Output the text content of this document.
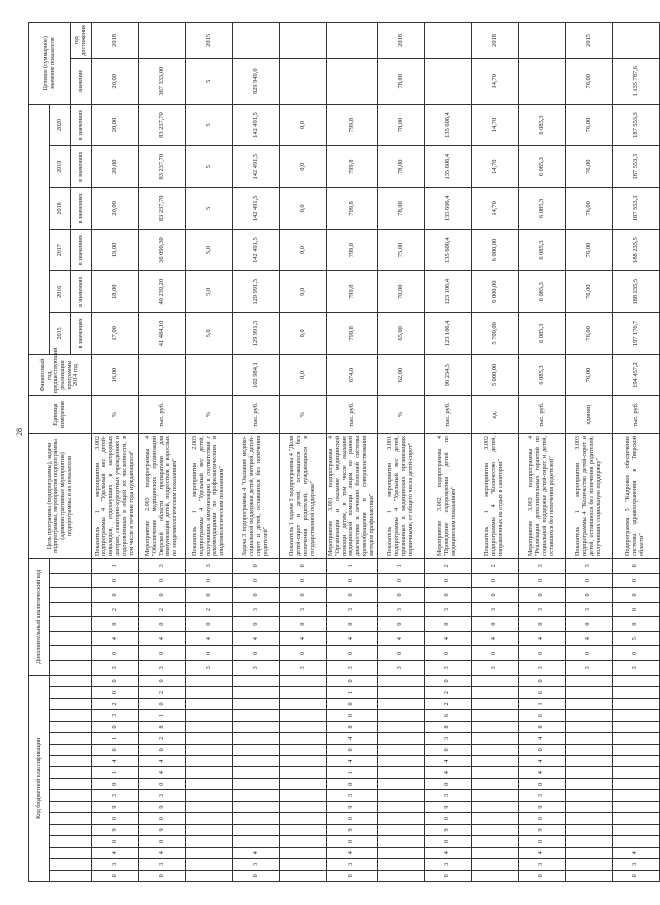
28
Код бюджетной классификации																		Дополнительный аналитический код								Цель программы (подпрограммы), задачи подпрограммы, мероприятия подпрограммы (административные мероприятия) подпрограммы и их показатели	Единица измерения	Финансовый год, предшествующий реализации программы 2014 год							Целевое (суммарное) значение показателя	
																													2015	2016	2017	2018	2019	2020		
																													в значениях	в значениях	в значениях	в значениях	в значениях	в значениях	значение	год достижения
0	3	4	0	9	0	9	3	0	1	4	0	1	0	3	2	0	0	3	0	4	0	2	0	0	1	Показатель 1 мероприятия 3.002 подпрограммы 4 "Удельный вес детей-инвалидов, отдохнувших в загородных лагерях, санаторно-курортных учреждениях и оздоровленных в общей их численности, в том числе в течение года нуждающихся"	%	16,00	17,00	18,00	19,00	20,00	20,00	20,00	20,00	2018
0	3	4	0	9	0	9	3	0	4	4	0	2	8	1	0	2	0	3	0	4	0	2	0	0	3	Мероприятие 2.003 подпрограммы 4 "Обеспечение медицинских организаций Тверской области препаратами для иммунизации детей, подростков и взрослых по эпидемиологическим показаниям"	тыс. руб.		41 484,10	40 239,20	36 090,30	83 237,70	83 237,70	83 237,70	367 333,00	
																		3	0	4	0	2	0	0	3	Показатель 1 мероприятия 2.003 подпрограммы 4 "Удельный вес детей, получивших иммунизацию в соответствии с рекомендациями по профилактическим и эпидемиологическим показаниям"	%		5,0	5,0	5,0	5	5	5	5	2015
0	3	4																3	0	4	0	3	0	0	0	Задача 3 подпрограммы 4 "Оказание медико-социальной поддержки детей, матерей, детей-сирот и детей, оставшихся без попечения родителей"	тыс. руб.	102 984,1	129 991,5	129 991,5	142 491,5	142 491,5	142 491,5	142 491,5	829 949,0	
																		3	0	4	0	3	0	0	0	Показатель 1 задачи 3 подпрограммы 4 "Доля детей-сирот и детей, оставшихся без попечения родителей, нуждающихся в государственной поддержке"	%	0,0	0,0	0,0	0,0	0,0	0,0	0,0		
0	3	4	0	9	0	9	3	0	1	4	0	4	8	0	0	1	0	3	0	4	0	3	0	0	1	Мероприятие 3.001 подпрограммы 4 "Организация и оказание медицинской помощи детям, в том числе оказание медицинской помощи лицам по ранней диагностике и лечению болезней системы кровообращения и совершенствования методов профилактики"	тыс. руб.	674,0	799,8	799,8	799,8	799,8	799,8	799,8		
																		3	0	4	0	3	0	0	1	Показатель 1 мероприятия 3.001 подпрограммы 4 "Удельный вес детей, признанных в медицинских организациях первичными, от общего числа детей-сирот"	%	62,00	65,00	70,00	75,00	78,00	78,00	78,00	78,00	2018
0	3	4	0	9	0	9	3	0	4	4	0	3	8	6	2	2	0	3	0	4	0	3	0	0	2	Мероприятие 3.002 подпрограммы 4 "Проведение оздоровления детей по медицинским показаниям"	тыс. руб.	96 234,5	123 106,4	123 106,4	135 606,4	135 606,4	135 606,4	135 606,4		
																		3	0	4	0	3	0	0	2	Показатель 1 мероприятия 3.002 подпрограммы 4 "Количество детей, направленных на отдых в санатории"	ед.	5 000,00	5 700,00	6 000,00	6 000,00	14,70	14,70	14,70	14,70	2018
0	3	4	0	9	0	9	3	0	4	4	0	4	8	6	1	6	0	3	0	4	0	3	0	0	3	Мероприятие 3.003 подпрограммы 4 "Реализация дополнительных гарантий по социальной поддержке детей-сирот и детей, оставшихся без попечения родителей"	тыс. руб.	6 085,3	6 085,3	6 085,3	6 085,3	6 085,3	6 085,3	6 085,3		
																		3	0	4	0	3	0	0	3	Показатель 1 мероприятия 3.003 подпрограммы 4 "Количество детей-сирот и детей, оставшихся без попечения родителей, получивших социальную поддержку"	единиц	76,00	76,00	76,00	76,00	76,00	76,00	76,00	76,00	2015
0	3	4																3	0	5	0	0	0	0	0	Подпрограмма 5 "Кадровое обеспечение системы здравоохранения в Тверской области"	тыс. руб.	194 457,2	197 176,7	188 235,5	188 235,5	187 553,3	187 553,3	187 553,3	1 135 787,6	
